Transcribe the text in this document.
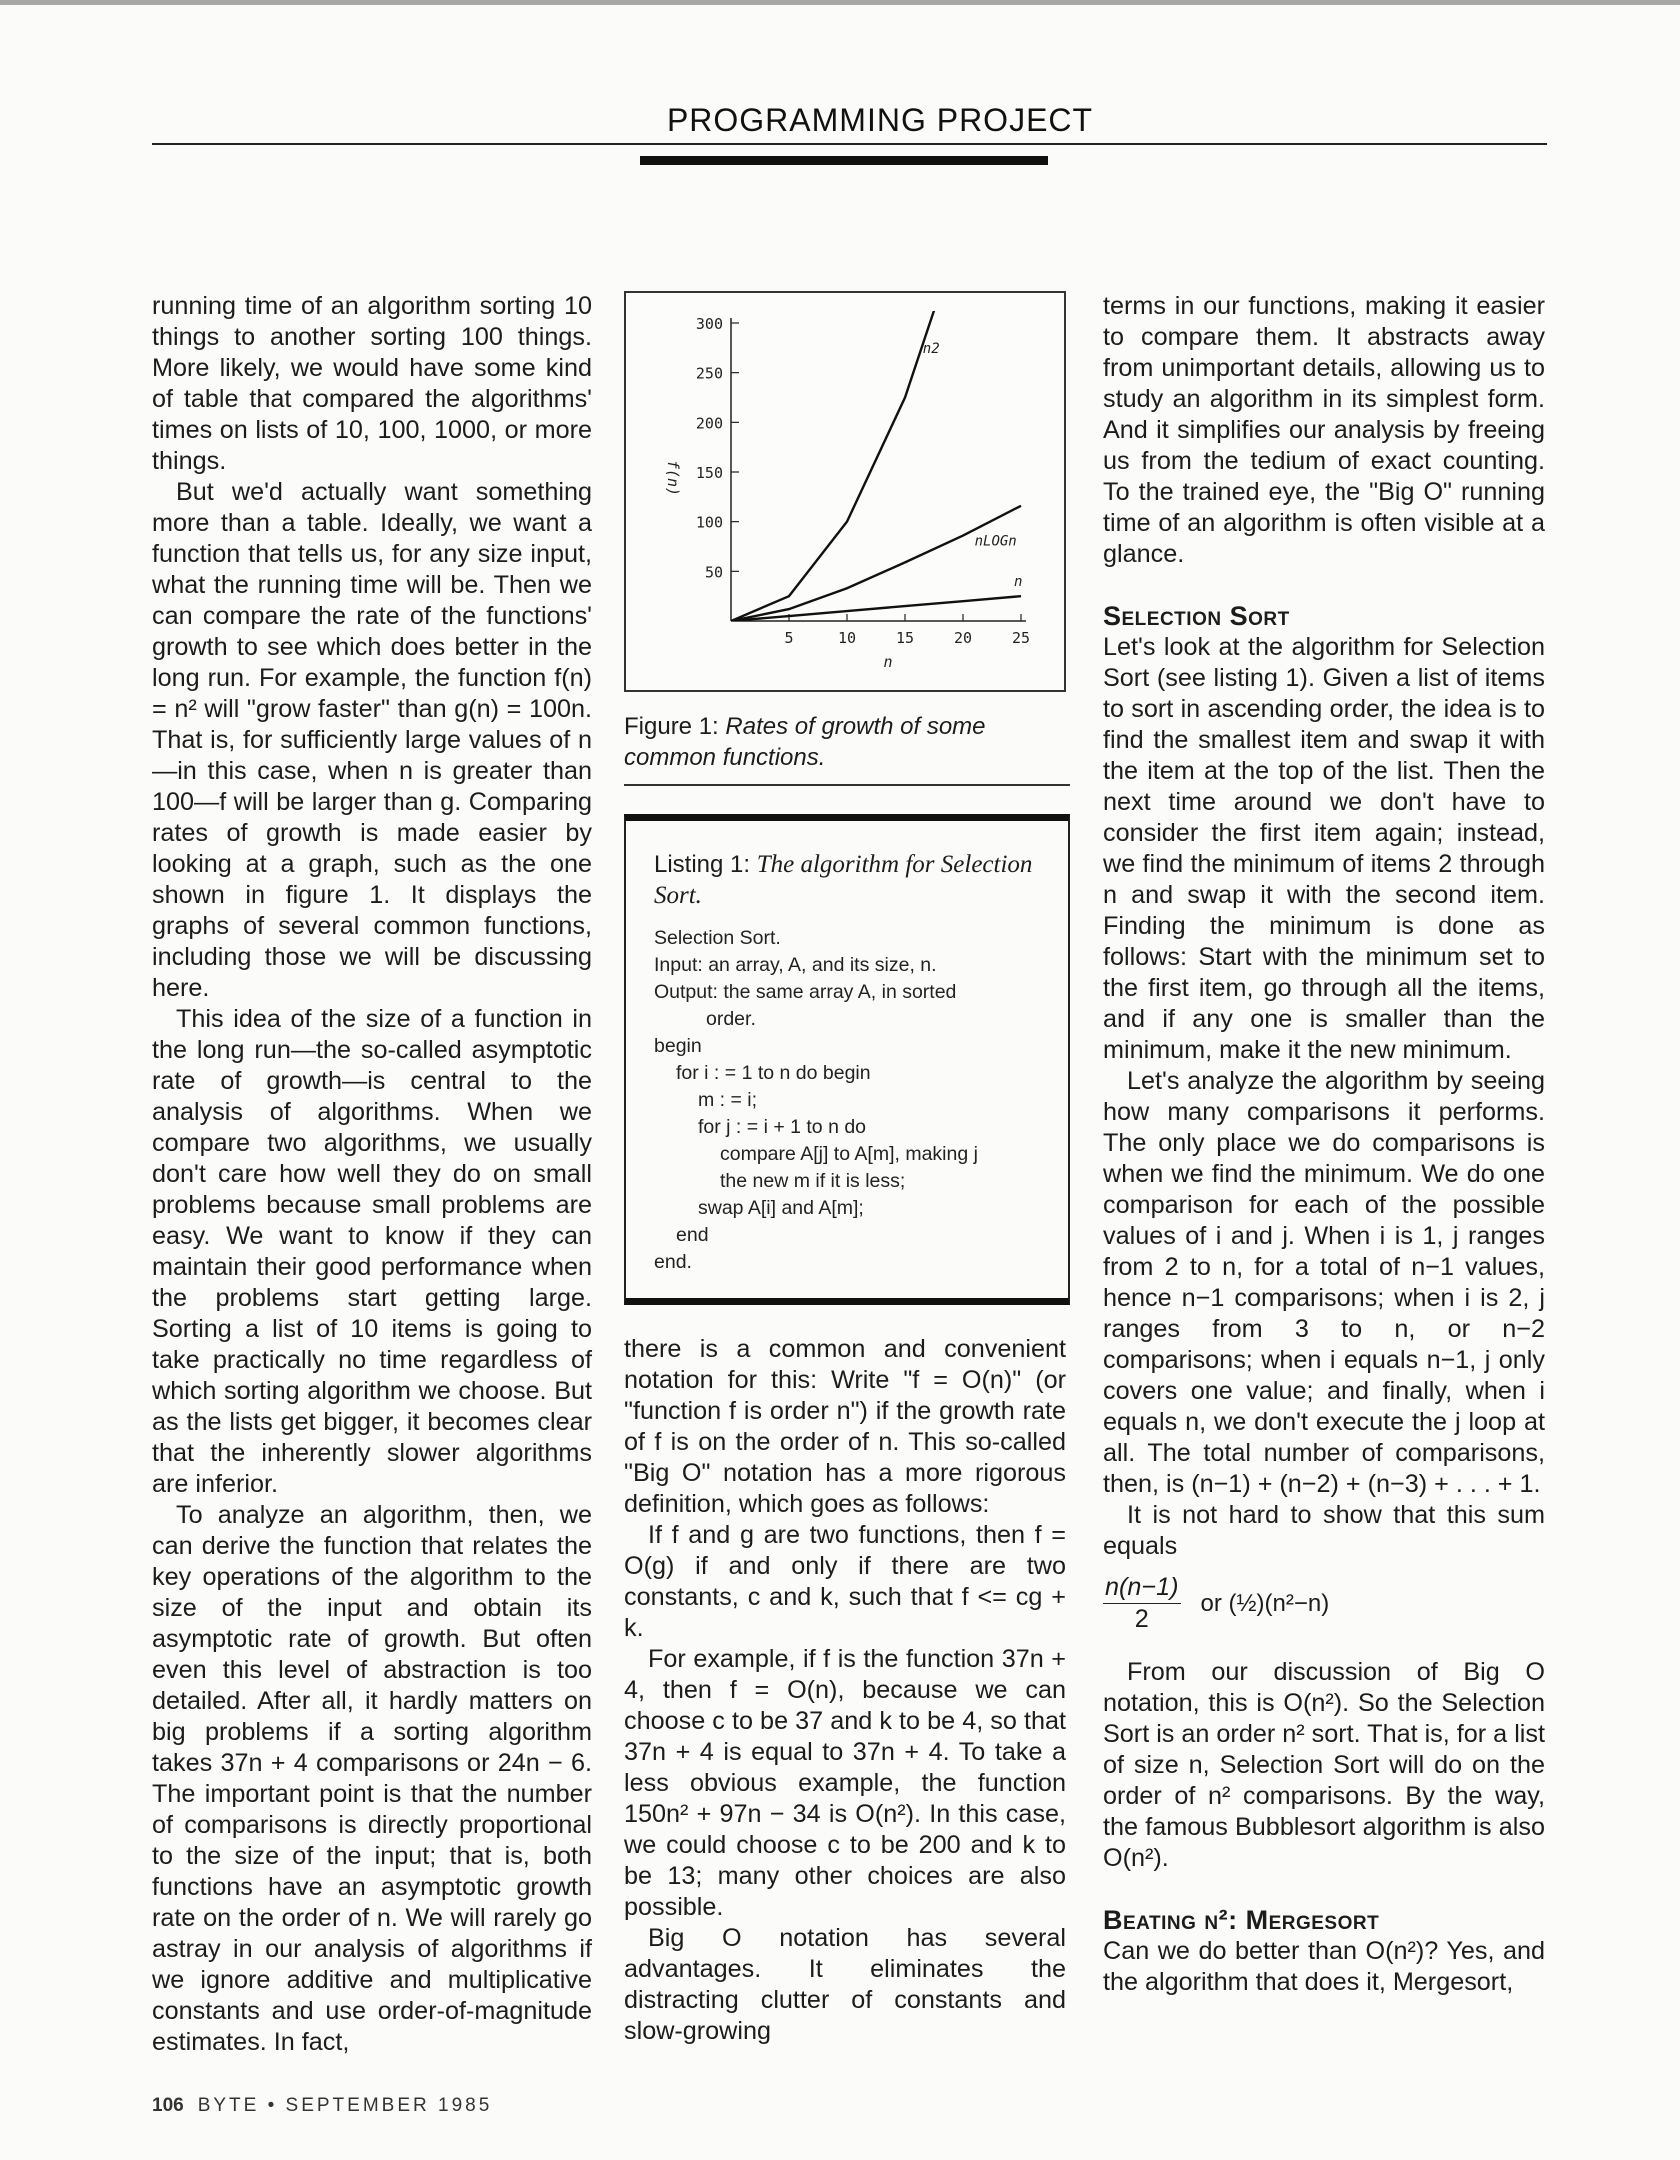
PROGRAMMING PROJECT

running time of an algorithm sorting 10 things to another sorting 100 things. More likely, we would have some kind of table that compared the algorithms' times on lists of 10, 100, 1000, or more things.

But we'd actually want something more than a table. Ideally, we want a function that tells us, for any size input, what the running time will be. Then we can compare the rate of the functions' growth to see which does better in the long run. For example, the function f(n) = n² will "grow faster" than g(n) = 100n. That is, for sufficiently large values of n—in this case, when n is greater than 100—f will be larger than g. Comparing rates of growth is made easier by looking at a graph, such as the one shown in figure 1. It displays the graphs of several common functions, including those we will be discussing here.

This idea of the size of a function in the long run—the so-called asymptotic rate of growth—is central to the analysis of algorithms. When we compare two algorithms, we usually don't care how well they do on small problems because small problems are easy. We want to know if they can maintain their good performance when the problems start getting large. Sorting a list of 10 items is going to take practically no time regardless of which sorting algorithm we choose. But as the lists get bigger, it becomes clear that the inherently slower algorithms are inferior.

To analyze an algorithm, then, we can derive the function that relates the key operations of the algorithm to the size of the input and obtain its asymptotic rate of growth. But often even this level of abstraction is too detailed. After all, it hardly matters on big problems if a sorting algorithm takes 37n + 4 comparisons or 24n − 6. The important point is that the number of comparisons is directly proportional to the size of the input; that is, both functions have an asymptotic growth rate on the order of n. We will rarely go astray in our analysis of algorithms if we ignore additive and multiplicative constants and use order-of-magnitude estimates. In fact,

50
100
150
200
250
300
5	10	15	20	25
n
f(n)
n2
nLOGn
n
Figure 1: Rates of growth of some common functions.
Listing 1: The algorithm for Selection Sort.
Selection Sort.
Input: an array, A, and its size, n.
Output: the same array A, in sorted
order.
begin
for i : = 1 to n do begin
m : = i;
for j : = i + 1 to n do
compare A[j] to A[m], making j
the new m if it is less;
swap A[i] and A[m];
end
end.

there is a common and convenient notation for this: Write "f = O(n)" (or "function f is order n") if the growth rate of f is on the order of n. This so-called "Big O" notation has a more rigorous definition, which goes as follows:

If f and g are two functions, then f = O(g) if and only if there are two constants, c and k, such that f <= cg + k.

For example, if f is the function 37n + 4, then f = O(n), because we can choose c to be 37 and k to be 4, so that 37n + 4 is equal to 37n + 4. To take a less obvious example, the function 150n² + 97n − 34 is O(n²). In this case, we could choose c to be 200 and k to be 13; many other choices are also possible.

Big O notation has several advantages. It eliminates the distracting clutter of constants and slow-growing

terms in our functions, making it easier to compare them. It abstracts away from unimportant details, allowing us to study an algorithm in its simplest form. And it simplifies our analysis by freeing us from the tedium of exact counting. To the trained eye, the "Big O" running time of an algorithm is often visible at a glance.

Selection Sort

Let's look at the algorithm for Selection Sort (see listing 1). Given a list of items to sort in ascending order, the idea is to find the smallest item and swap it with the item at the top of the list. Then the next time around we don't have to consider the first item again; instead, we find the minimum of items 2 through n and swap it with the second item. Finding the minimum is done as follows: Start with the minimum set to the first item, go through all the items, and if any one is smaller than the minimum, make it the new minimum.

Let's analyze the algorithm by seeing how many comparisons it performs. The only place we do comparisons is when we find the minimum. We do one comparison for each of the possible values of i and j. When i is 1, j ranges from 2 to n, for a total of n−1 values, hence n−1 comparisons; when i is 2, j ranges from 3 to n, or n−2 comparisons; when i equals n−1, j only covers one value; and finally, when i equals n, we don't execute the j loop at all. The total number of comparisons, then, is (n−1) + (n−2) + (n−3) + . . . + 1.

It is not hard to show that this sum equals

$\frac{n(n-1)}{2}$ or (½)(n²−n)

From our discussion of Big O notation, this is O(n²). So the Selection Sort is an order n² sort. That is, for a list of size n, Selection Sort will do on the order of n² comparisons. By the way, the famous Bubblesort algorithm is also O(n²).

Beating n²: Mergesort

Can we do better than O(n²)? Yes, and the algorithm that does it, Mergesort,

106 BYTE • SEPTEMBER 1985
